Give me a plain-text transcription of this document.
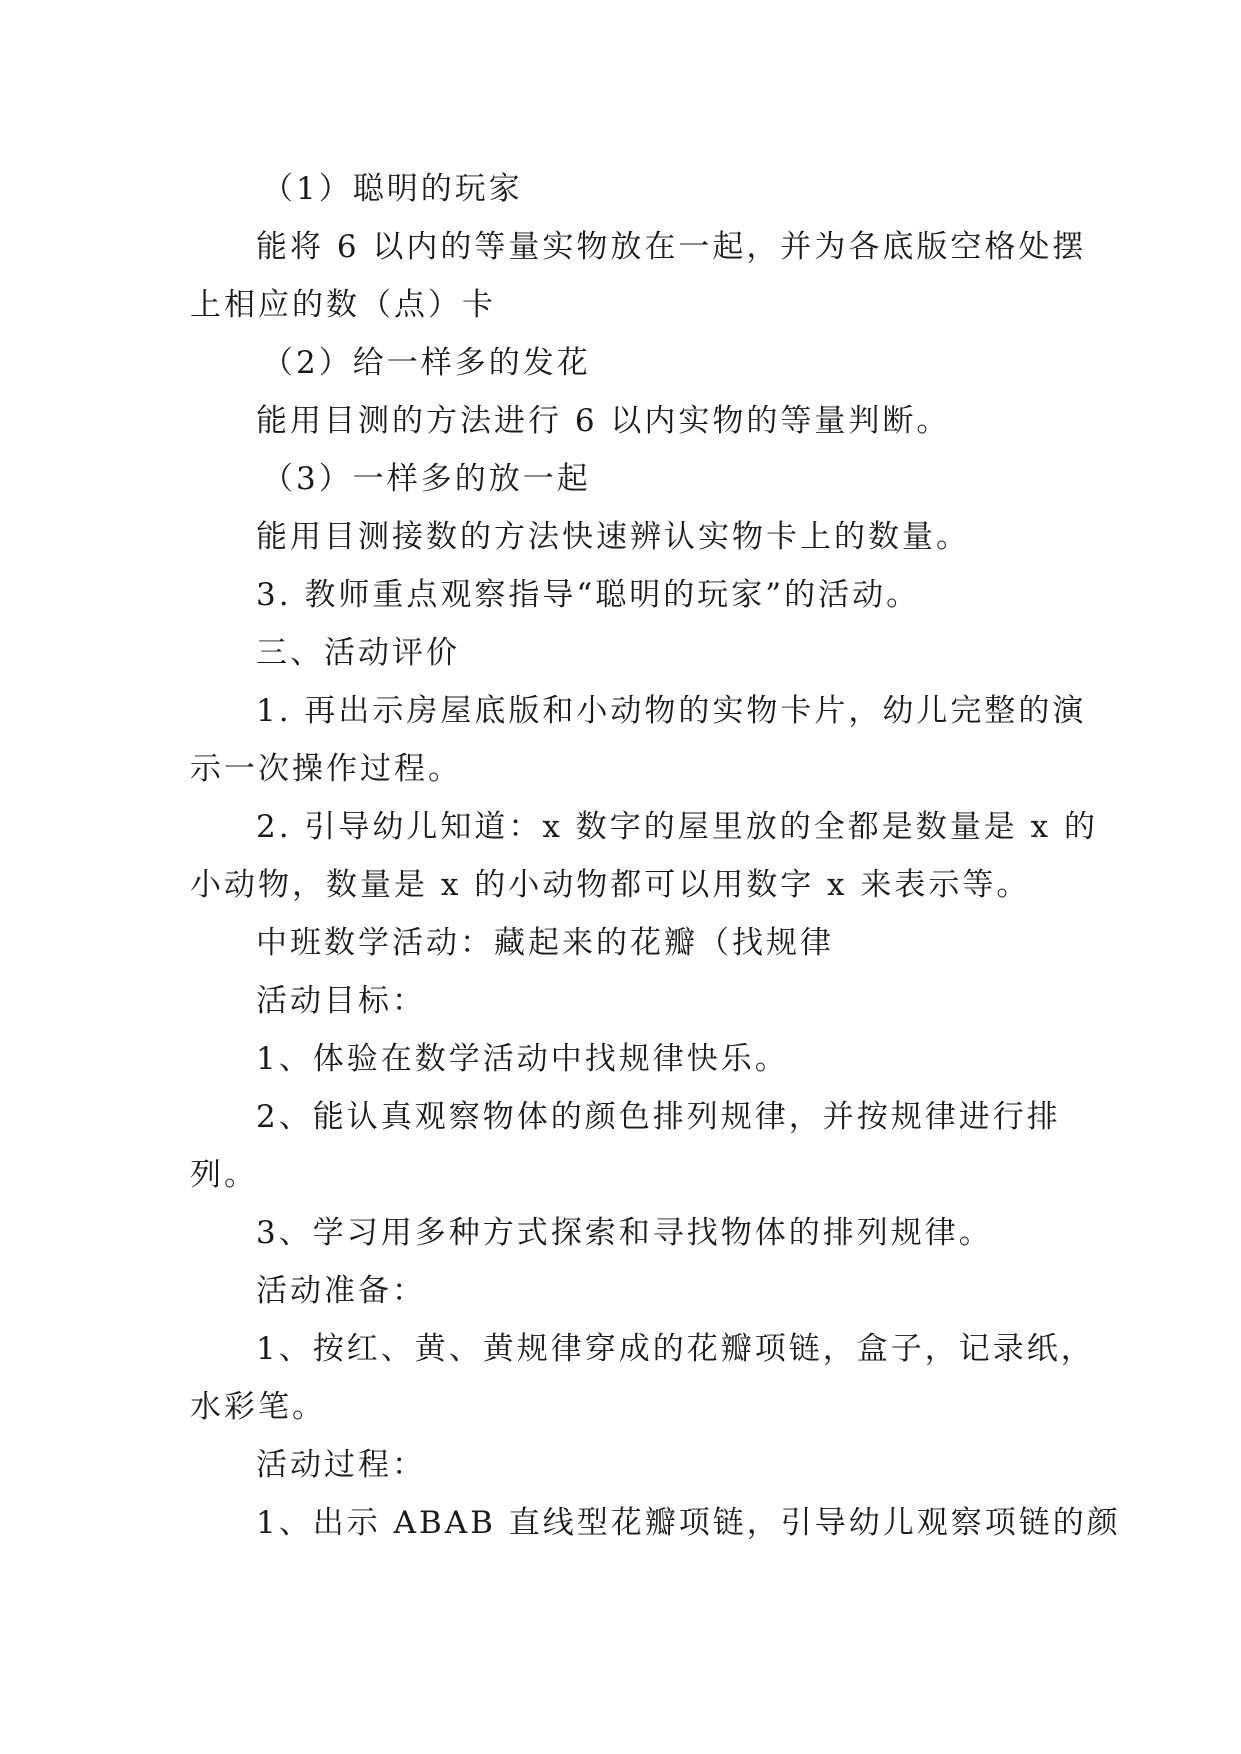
（1）聪明的玩家

能将 6 以内的等量实物放在一起，并为各底版空格处摆

上相应的数（点）卡

（2）给一样多的发花

能用目测的方法进行 6 以内实物的等量判断。

（3）一样多的放一起

能用目测接数的方法快速辨认实物卡上的数量。

3. 教师重点观察指导“聪明的玩家”的活动。

三、活动评价

1. 再出示房屋底版和小动物的实物卡片，幼儿完整的演

示一次操作过程。

2. 引导幼儿知道：x 数字的屋里放的全都是数量是 x 的

小动物，数量是 x 的小动物都可以用数字 x 来表示等。

中班数学活动：藏起来的花瓣（找规律

活动目标：

1、体验在数学活动中找规律快乐。

2、能认真观察物体的颜色排列规律，并按规律进行排

列。

3、学习用多种方式探索和寻找物体的排列规律。

活动准备：

1、按红、黄、黄规律穿成的花瓣项链，盒子，记录纸，

水彩笔。

活动过程：

1、出示 ABAB 直线型花瓣项链，引导幼儿观察项链的颜
